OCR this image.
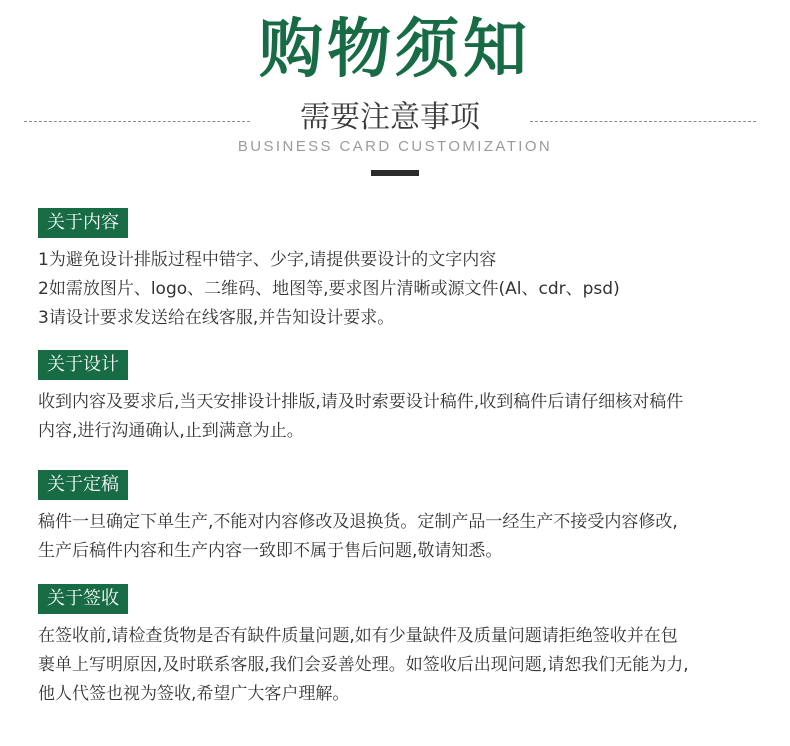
购物须知
需要注意事项
BUSINESS CARD CUSTOMIZATION
关于内容
1为避免设计排版过程中错字、少字,请提供要设计的文字内容
2如需放图片、logo、二维码、地图等,要求图片清晰或源文件(Al、cdr、psd)
3请设计要求发送给在线客服,并告知设计要求。
关于设计
收到内容及要求后,当天安排设计排版,请及时索要设计稿件,收到稿件后请仔细核对稿件
内容,进行沟通确认,止到满意为止。
关于定稿
稿件一旦确定下单生产,不能对内容修改及退换货。定制产品一经生产不接受内容修改,
生产后稿件内容和生产内容一致即不属于售后问题,敬请知悉。
关于签收
在签收前,请检查货物是否有缺件质量问题,如有少量缺件及质量问题请拒绝签收并在包
裹单上写明原因,及时联系客服,我们会妥善处理。如签收后出现问题,请恕我们无能为力,
他人代签也视为签收,希望广大客户理解。
